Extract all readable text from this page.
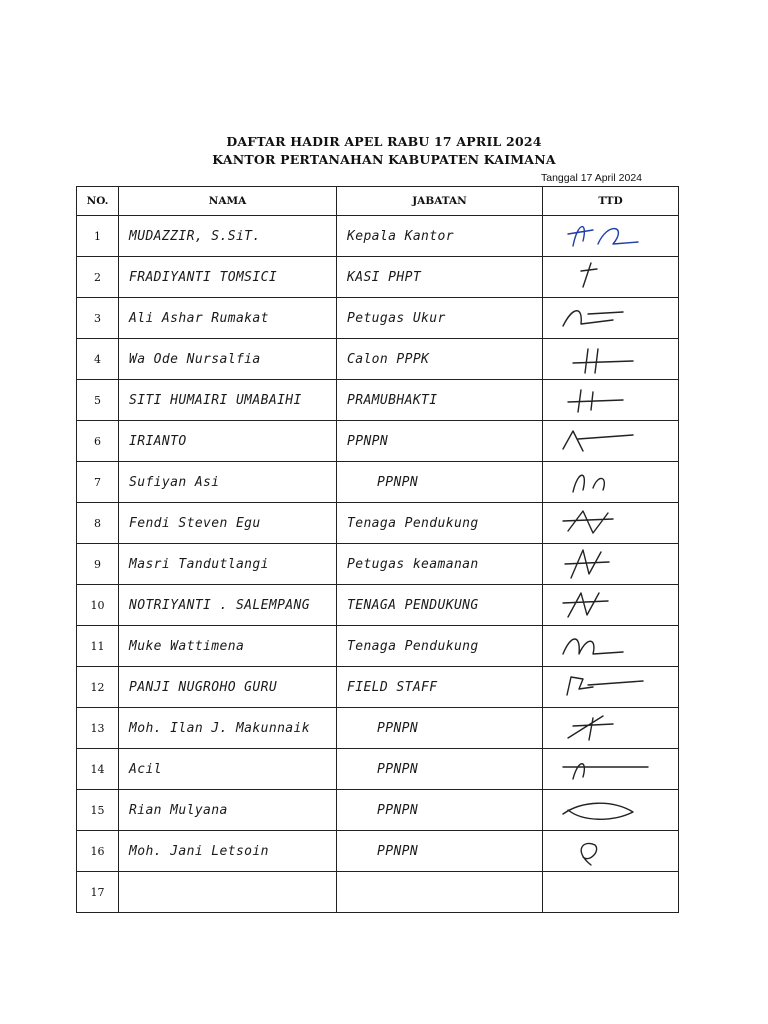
DAFTAR HADIR APEL RABU 17 APRIL 2024
KANTOR PERTANAHAN KABUPATEN KAIMANA
Tanggal 17 April 2024
NO.	NAMA	JABATAN	TTD
1	MUDAZZIR, S.SiT.	Kepala Kantor	

2	FRADIYANTI TOMSICI	KASI PHPT	

3	Ali Ashar Rumakat	Petugas Ukur	

4	Wa Ode Nursalfia	Calon PPPK	

5	SITI HUMAIRI UMABAIHI	PRAMUBHAKTI	

6	IRIANTO	PPNPN	

7	Sufiyan Asi	PPNPN	

8	Fendi Steven Egu	Tenaga Pendukung	

9	Masri Tandutlangi	Petugas keamanan	

10	NOTRIYANTI . SALEMPANG	TENAGA PENDUKUNG	

11	Muke Wattimena	Tenaga Pendukung	

12	PANJI NUGROHO GURU	FIELD STAFF	

13	Moh. Ilan J. Makunnaik	PPNPN	

14	Acil	PPNPN	

15	Rian Mulyana	PPNPN	

16	Moh. Jani Letsoin	PPNPN	

17			
